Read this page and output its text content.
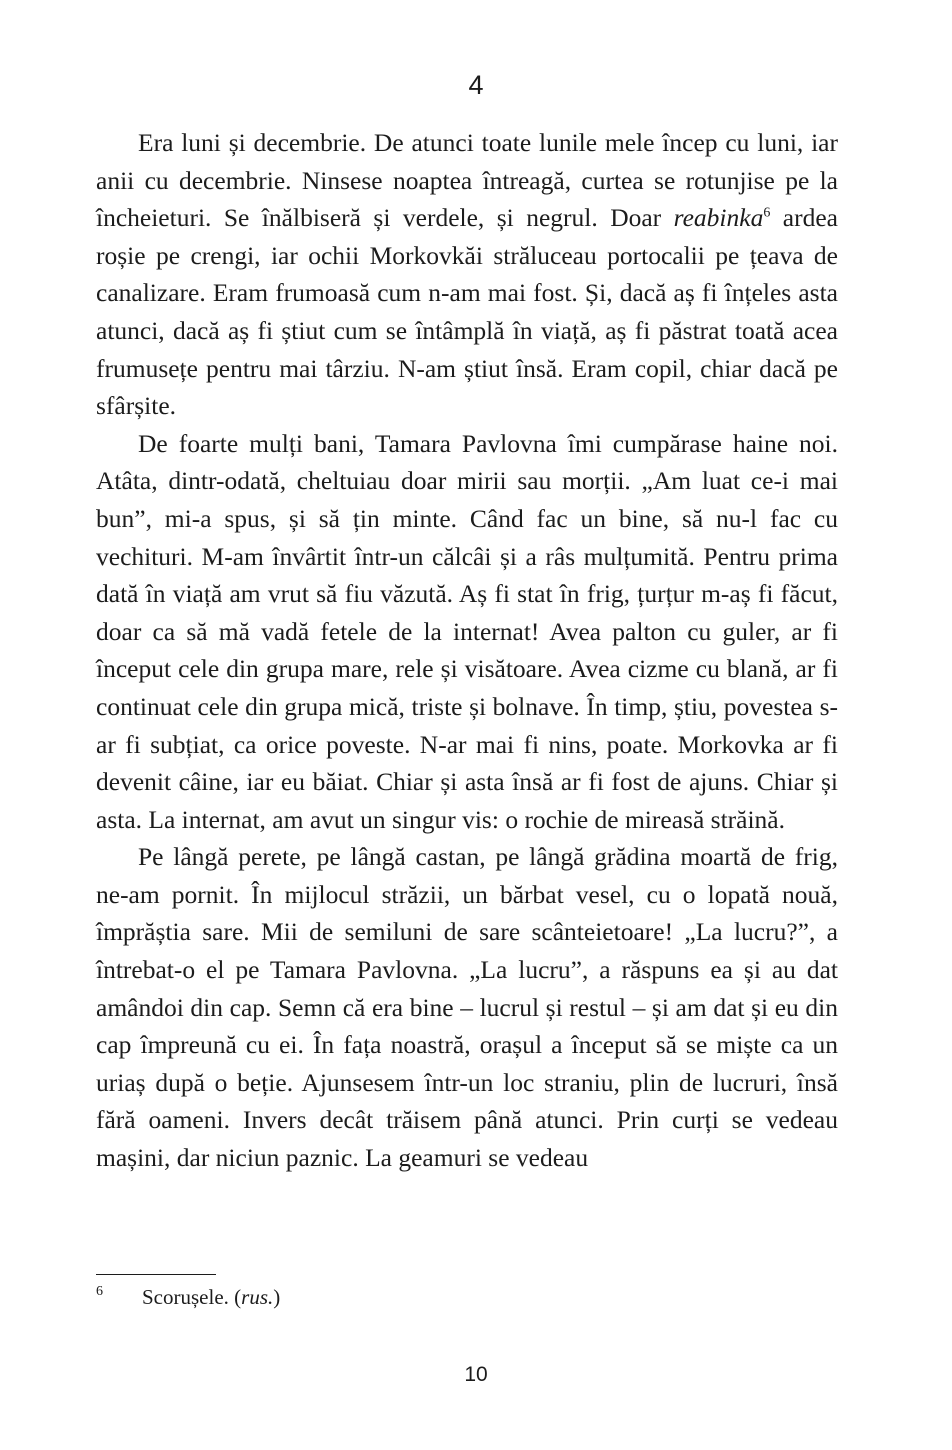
4

Era luni și decembrie. De atunci toate lunile mele încep cu luni, iar anii cu decembrie. Ninsese noaptea întreagă, curtea se rotunjise pe la încheieturi. Se înălbiseră și verdele, și negrul. Doar reabinka$^6$ ardea roșie pe crengi, iar ochii Morkovkăi străluceau portocalii pe țeava de canalizare. Eram frumoasă cum n-am mai fost. Și, dacă aș fi înțeles asta atunci, dacă aș fi știut cum se întâmplă în viață, aș fi păstrat toată acea frumusețe pentru mai târziu. N-am știut însă. Eram copil, chiar dacă pe sfârșite.

De foarte mulți bani, Tamara Pavlovna îmi cumpărase haine noi. Atâta, dintr-odată, cheltuiau doar mirii sau morții. „Am luat ce-i mai bun”, mi-a spus, și să țin minte. Când fac un bine, să nu-l fac cu vechituri. M-am învârtit într-un călcâi și a râs mulțumită. Pentru prima dată în viață am vrut să fiu văzută. Aș fi stat în frig, țurțur m-aș fi făcut, doar ca să mă vadă fetele de la internat! Avea palton cu guler, ar fi început cele din grupa mare, rele și visătoare. Avea cizme cu blană, ar fi continuat cele din grupa mică, triste și bolnave. În timp, știu, povestea s-ar fi subțiat, ca orice poveste. N-ar mai fi nins, poate. Morkovka ar fi devenit câine, iar eu băiat. Chiar și asta însă ar fi fost de ajuns. Chiar și asta. La internat, am avut un singur vis: o rochie de mireasă străină.

Pe lângă perete, pe lângă castan, pe lângă grădina moartă de frig, ne-am pornit. În mijlocul străzii, un bărbat vesel, cu o lopată nouă, împrăștia sare. Mii de semiluni de sare scânteietoare! „La lucru?”, a întrebat-o el pe Tamara Pavlovna. „La lucru”, a răspuns ea și au dat amândoi din cap. Semn că era bine – lucrul și restul – și am dat și eu din cap împreună cu ei. În fața noastră, orașul a început să se miște ca un uriaș după o beție. Ajunsesem într-un loc straniu, plin de lucruri, însă fără oameni. Invers decât trăisem până atunci. Prin curți se vedeau mașini, dar niciun paznic. La geamuri se vedeau

6 Scorușele. (rus.)
10
